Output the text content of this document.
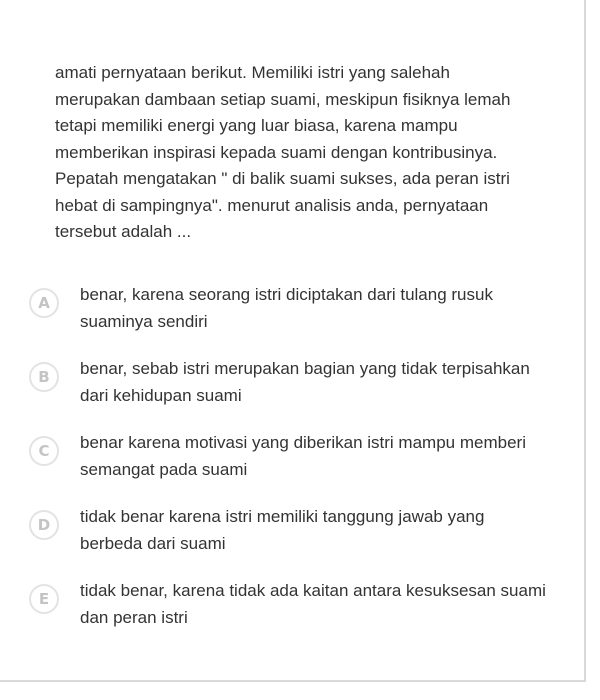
amati pernyataan berikut. Memiliki istri yang salehah merupakan dambaan setiap suami, meskipun fisiknya lemah tetapi memiliki energi yang luar biasa, karena mampu memberikan inspirasi kepada suami dengan kontribusinya. Pepatah mengatakan " di balik suami sukses, ada peran istri hebat di sampingnya". menurut analisis anda, pernyataan tersebut adalah ...

A	benar, karena seorang istri diciptakan dari tulang rusuk suaminya sendiri
B	benar, sebab istri merupakan bagian yang tidak terpisahkan dari kehidupan suami
C	benar karena motivasi yang diberikan istri mampu memberi semangat pada suami
D	tidak benar karena istri memiliki tanggung jawab yang berbeda dari suami
E	tidak benar, karena tidak ada kaitan antara kesuksesan suami dan peran istri
